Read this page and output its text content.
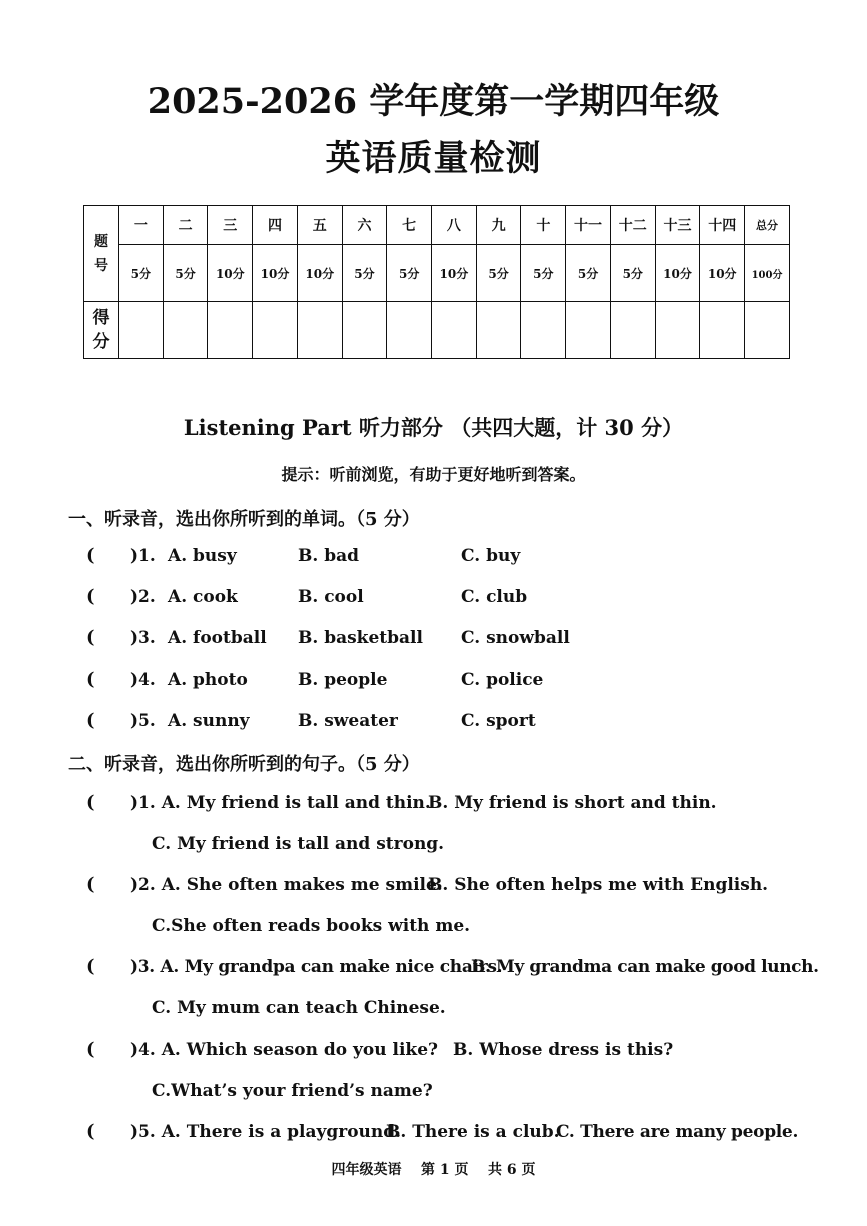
2025-2026 学年度第一学期四年级
英语质量检测
题号	一	二	三	四	五	六	七	八	九	十	十一	十二	十三	十四	总分
	5分	5分	10分	10分	10分	5分	5分	10分	5分	5分	5分	5分	10分	10分	100分
得分															
Listening Part 听力部分 （共四大题，计 30 分）
提示：听前浏览，有助于更好地听到答案。
一、听录音，选出你所听到的单词。（5 分）
( )1. A. busy	B. bad	C. buy
( )2. A. cook	B. cool	C. club
( )3. A. football B. basketball C. snowball
( )4. A. photo	B. people	C. police
( )5. A. sunny	B. sweater	C. sport
二、听录音，选出你所听到的句子。（5 分）
( )1. A. My friend is tall and thin.
B. My friend is short and thin.
C. My friend is tall and strong.
( )2. A. She often makes me smile.
B. She often helps me with English.
C.She often reads books with me.
( )3. A. My grandpa can make nice chairs.
B. My grandma can make good lunch.
C. My mum can teach Chinese.
( )4. A. Which season do you like? B. Whose dress is this?
C.What’s your friend’s name?
( )5. A. There is a playground.
B. There is a club.
C. There are many people.
四年级英语    第 1 页    共 6 页
